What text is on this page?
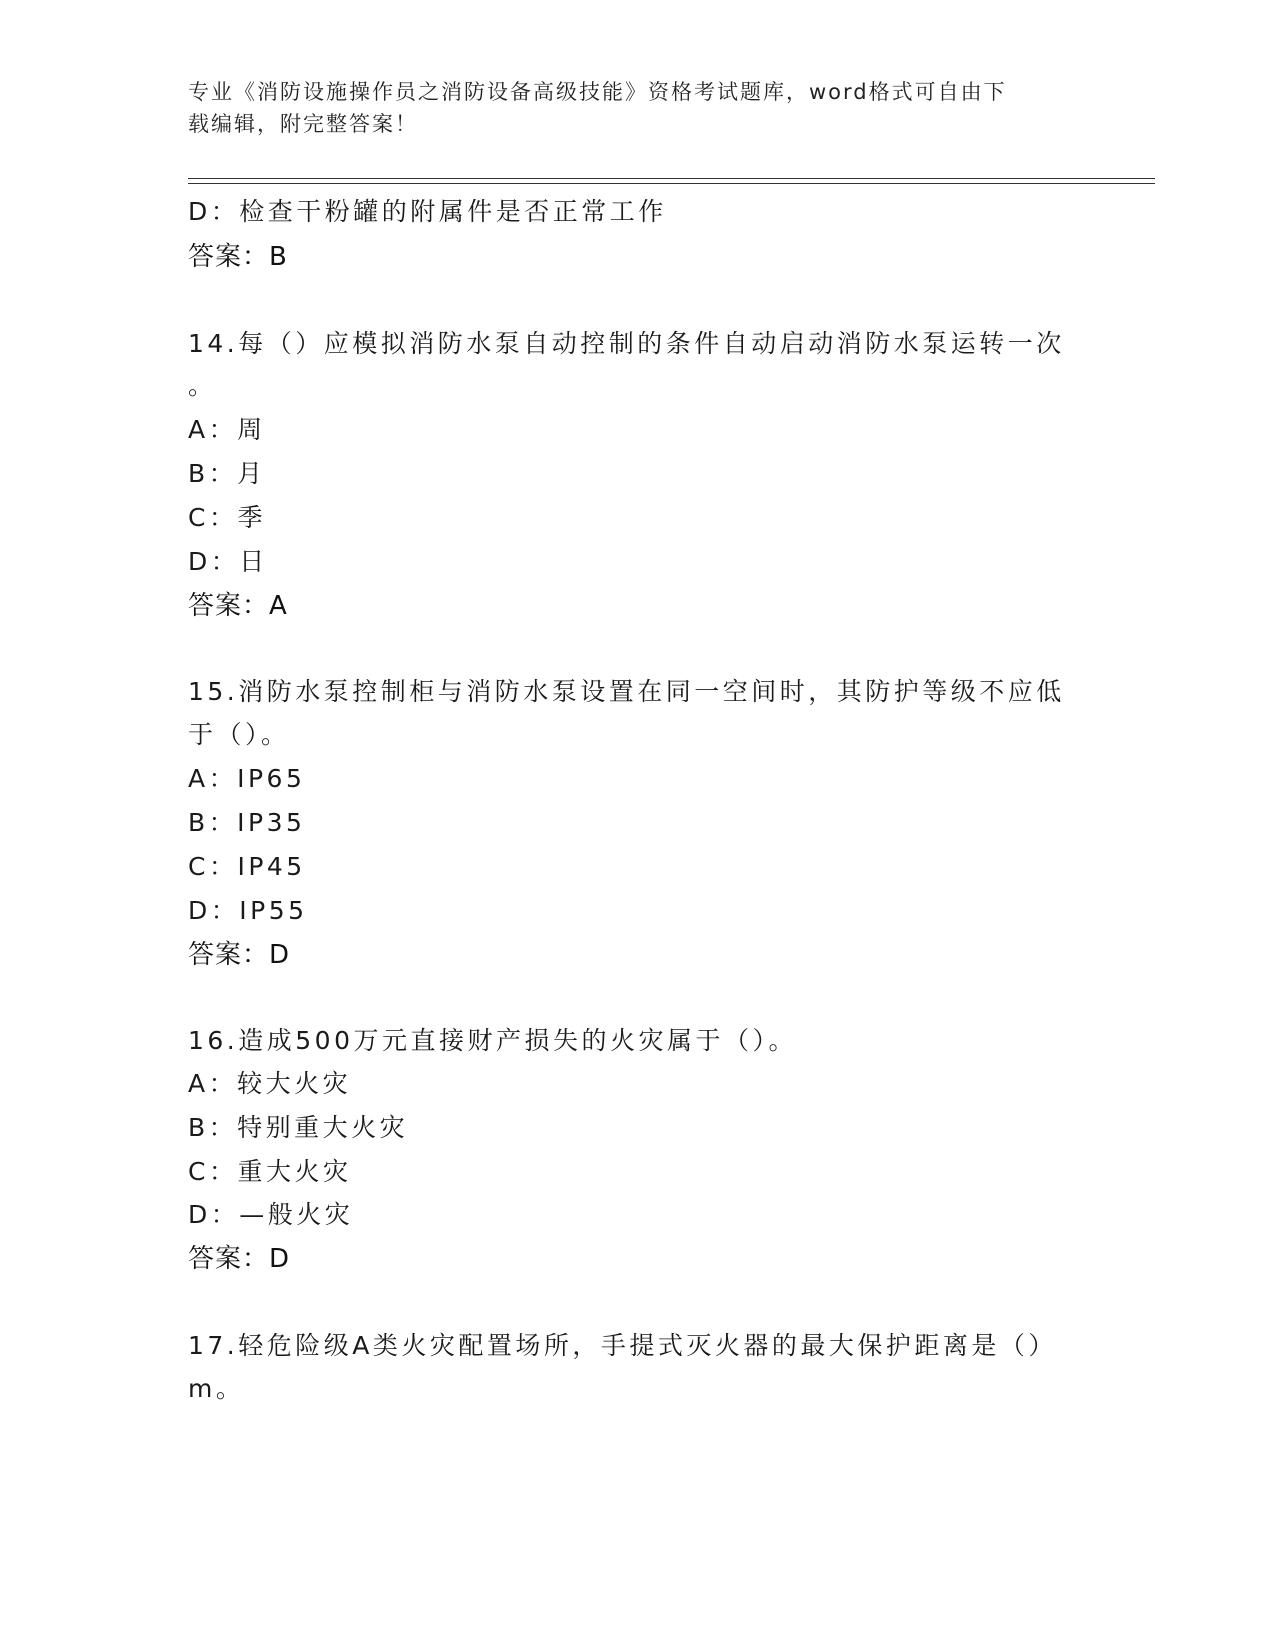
专业《消防设施操作员之消防设备高级技能》资格考试题库，word格式可自由下
载编辑，附完整答案！
D：检查干粉罐的附属件是否正常工作
答案：B
14.每（）应模拟消防水泵自动控制的条件自动启动消防水泵运转一次
。
A：周
B：月
C：季
D：日
答案：A
15.消防水泵控制柜与消防水泵设置在同一空间时，其防护等级不应低
于（）。
A：IP65
B：IP35
C：IP45
D：IP55
答案：D
16.造成500万元直接财产损失的火灾属于（）。
A：较大火灾
B：特别重大火灾
C：重大火灾
D：—般火灾
答案：D
17.轻危险级A类火灾配置场所，手提式灭火器的最大保护距离是（）
m。
